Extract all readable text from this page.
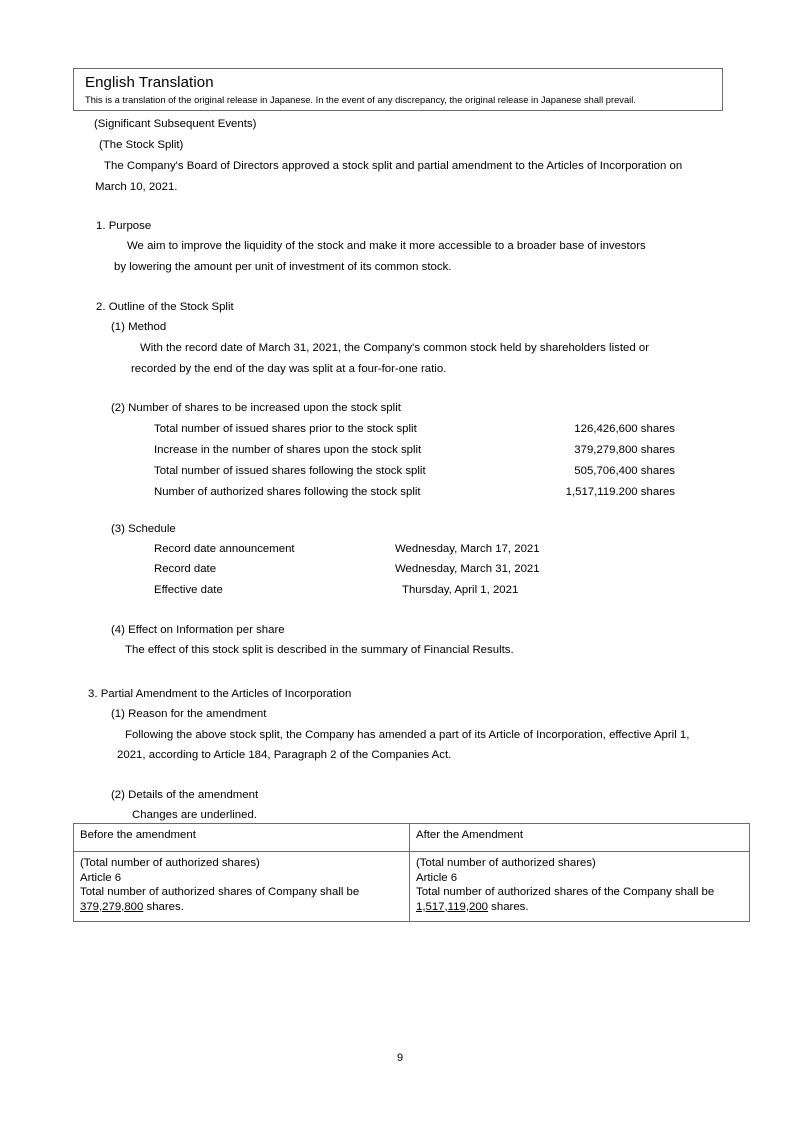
English Translation
This is a translation of the original release in Japanese. In the event of any discrepancy, the original release in Japanese shall prevail.
(Significant Subsequent Events)
(The Stock Split)
The Company's Board of Directors approved a stock split and partial amendment to the Articles of Incorporation on
March 10, 2021.
1. Purpose
We aim to improve the liquidity of the stock and make it more accessible to a broader base of investors
by lowering the amount per unit of investment of its common stock.
2. Outline of the Stock Split
(1) Method
With the record date of March 31, 2021, the Company's common stock held by shareholders listed or
recorded by the end of the day was split at a four-for-one ratio.
(2) Number of shares to be increased upon the stock split
Total number of issued shares prior to the stock split	126,426,600 shares
Increase in the number of shares upon the stock split	379,279,800 shares
Total number of issued shares following the stock split	505,706,400 shares
Number of authorized shares following the stock split	1,517,119.200 shares
(3) Schedule
Record date announcement	Wednesday, March 17, 2021
Record date	Wednesday, March 31, 2021
Effective date	Thursday, April 1, 2021
(4) Effect on Information per share
The effect of this stock split is described in the summary of Financial Results.
3. Partial Amendment to the Articles of Incorporation
(1) Reason for the amendment
Following the above stock split, the Company has amended a part of its Article of Incorporation, effective April 1,
2021, according to Article 184, Paragraph 2 of the Companies Act.
(2) Details of the amendment
Changes are underlined.
Before the amendment	After the Amendment

(Total number of authorized shares)
Article 6
Total number of authorized shares of Company shall be
379,279,800 shares.

(Total number of authorized shares)
Article 6
Total number of authorized shares of the Company shall be
1,517,119,200 shares.
9
